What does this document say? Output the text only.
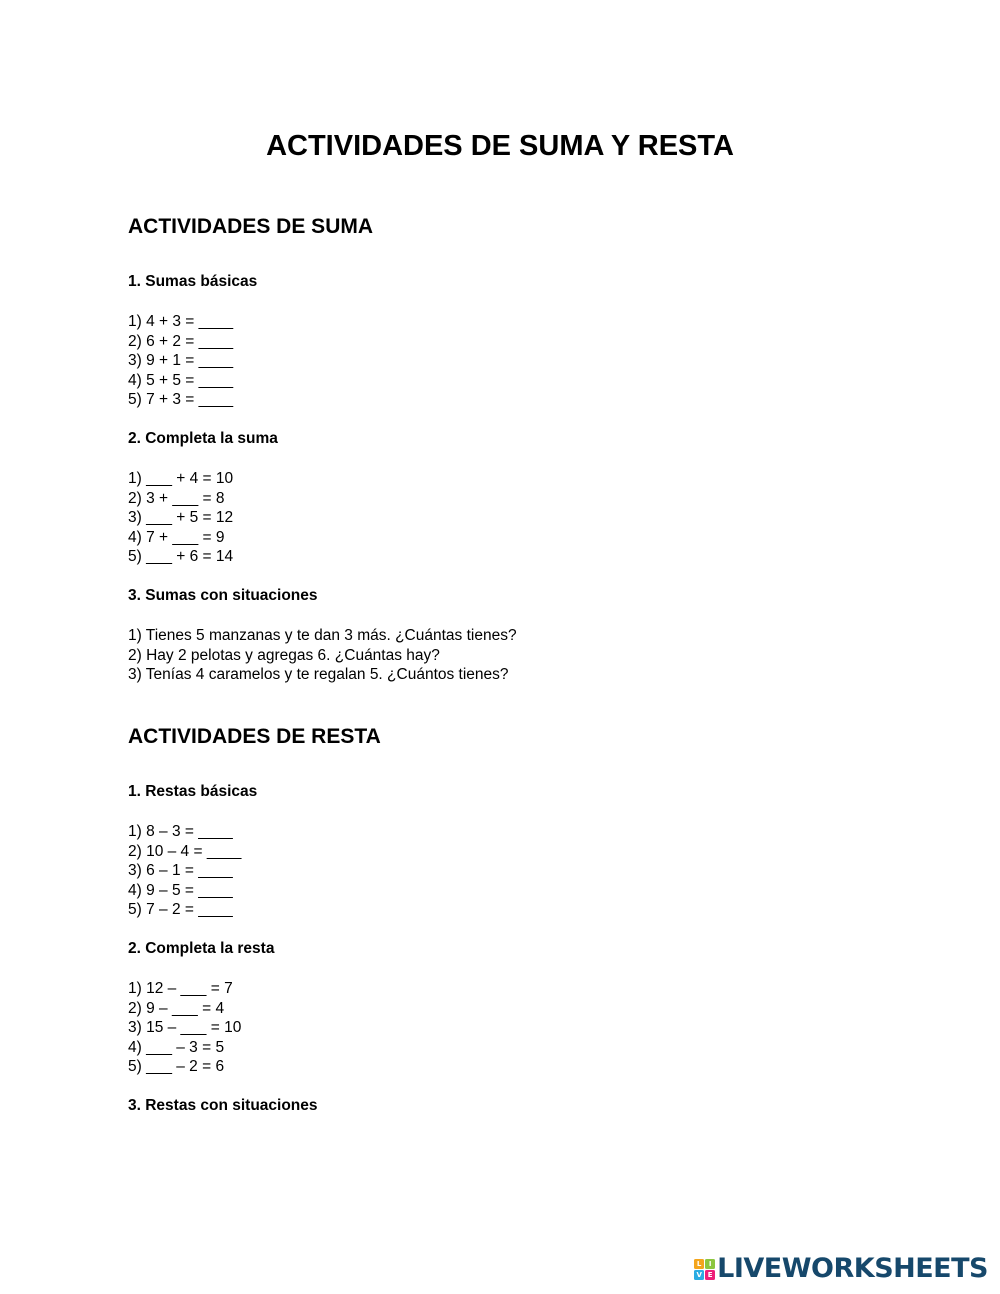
ACTIVIDADES DE SUMA Y RESTA
ACTIVIDADES DE SUMA
1. Sumas básicas
1) 4 + 3 = ____
2) 6 + 2 = ____
3) 9 + 1 = ____
4) 5 + 5 = ____
5) 7 + 3 = ____
2. Completa la suma
1) ___ + 4 = 10
2) 3 + ___ = 8
3) ___ + 5 = 12
4) 7 + ___ = 9
5) ___ + 6 = 14
3. Sumas con situaciones
1) Tienes 5 manzanas y te dan 3 más. ¿Cuántas tienes?
2) Hay 2 pelotas y agregas 6. ¿Cuántas hay?
3) Tenías 4 caramelos y te regalan 5. ¿Cuántos tienes?
ACTIVIDADES DE RESTA
1. Restas básicas
1) 8 – 3 = ____
2) 10 – 4 = ____
3) 6 – 1 = ____
4) 9 – 5 = ____
5) 7 – 2 = ____
2. Completa la resta
1) 12 – ___ = 7
2) 9 – ___ = 4
3) 15 – ___ = 10
4) ___ – 3 = 5
5) ___ – 2 = 6
3. Restas con situaciones
L	I
V E LIVEWORKSHEETS
